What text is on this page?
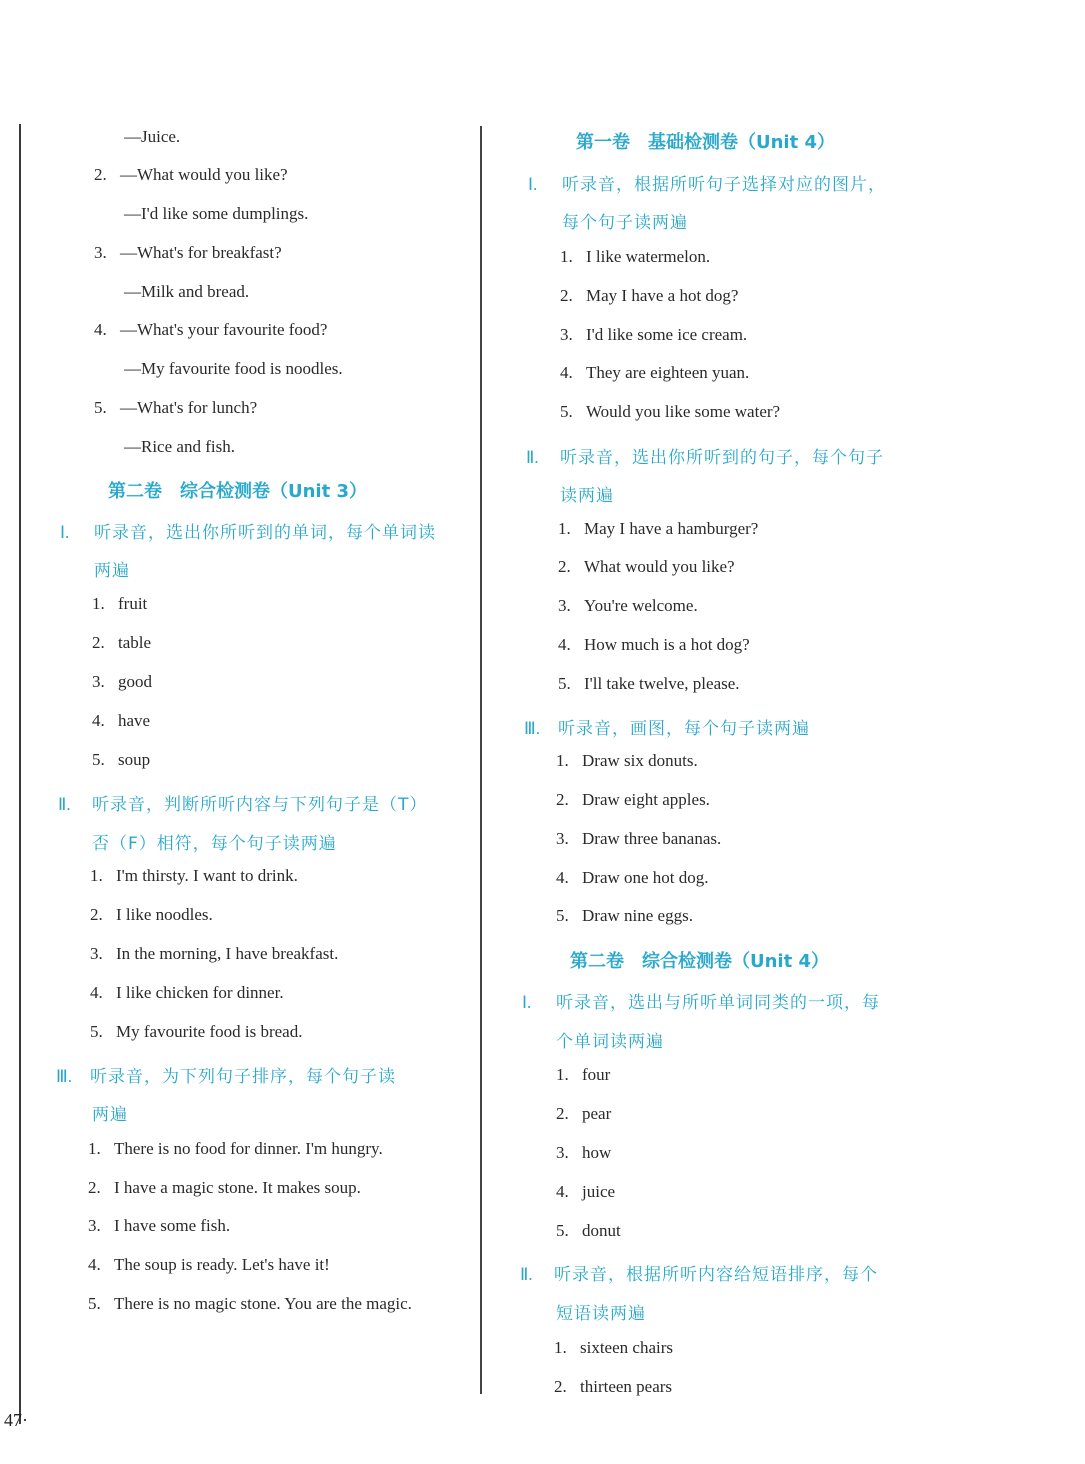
—Juice.
2. —What would you like?
—I'd like some dumplings.
3. —What's for breakfast?
—Milk and bread.
4. —What's your favourite food?
—My favourite food is noodles.
5. —What's for lunch?
—Rice and fish.
第二卷　综合检测卷（Unit 3）
Ⅰ. 听录音，选出你所听到的单词，每个单词读
两遍
1. fruit
2. table
3. good
4. have
5. soup
Ⅱ. 听录音，判断所听内容与下列句子是（T）
否（F）相符，每个句子读两遍
1. I'm thirsty. I want to drink.
2. I like noodles.
3. In the morning, I have breakfast.
4. I like chicken for dinner.
5. My favourite food is bread.
Ⅲ. 听录音，为下列句子排序，每个句子读
两遍
1. There is no food for dinner. I'm hungry.
2. I have a magic stone. It makes soup.
3. I have some fish.
4. The soup is ready. Let's have it!
5. There is no magic stone. You are the magic.
第一卷　基础检测卷（Unit 4）
Ⅰ. 听录音，根据所听句子选择对应的图片，
每个句子读两遍
1. I like watermelon.
2. May I have a hot dog?
3. I'd like some ice cream.
4. They are eighteen yuan.
5. Would you like some water?
Ⅱ. 听录音，选出你所听到的句子，每个句子
读两遍
1. May I have a hamburger?
2. What would you like?
3. You're welcome.
4. How much is a hot dog?
5. I'll take twelve, please.
Ⅲ. 听录音，画图，每个句子读两遍
1. Draw six donuts.
2. Draw eight apples.
3. Draw three bananas.
4. Draw one hot dog.
5. Draw nine eggs.
第二卷　综合检测卷（Unit 4）
Ⅰ. 听录音，选出与所听单词同类的一项，每
个单词读两遍
1. four
2. pear
3. how
4. juice
5. donut
Ⅱ. 听录音，根据所听内容给短语排序，每个
短语读两遍
1. sixteen chairs
2. thirteen pears
47·
